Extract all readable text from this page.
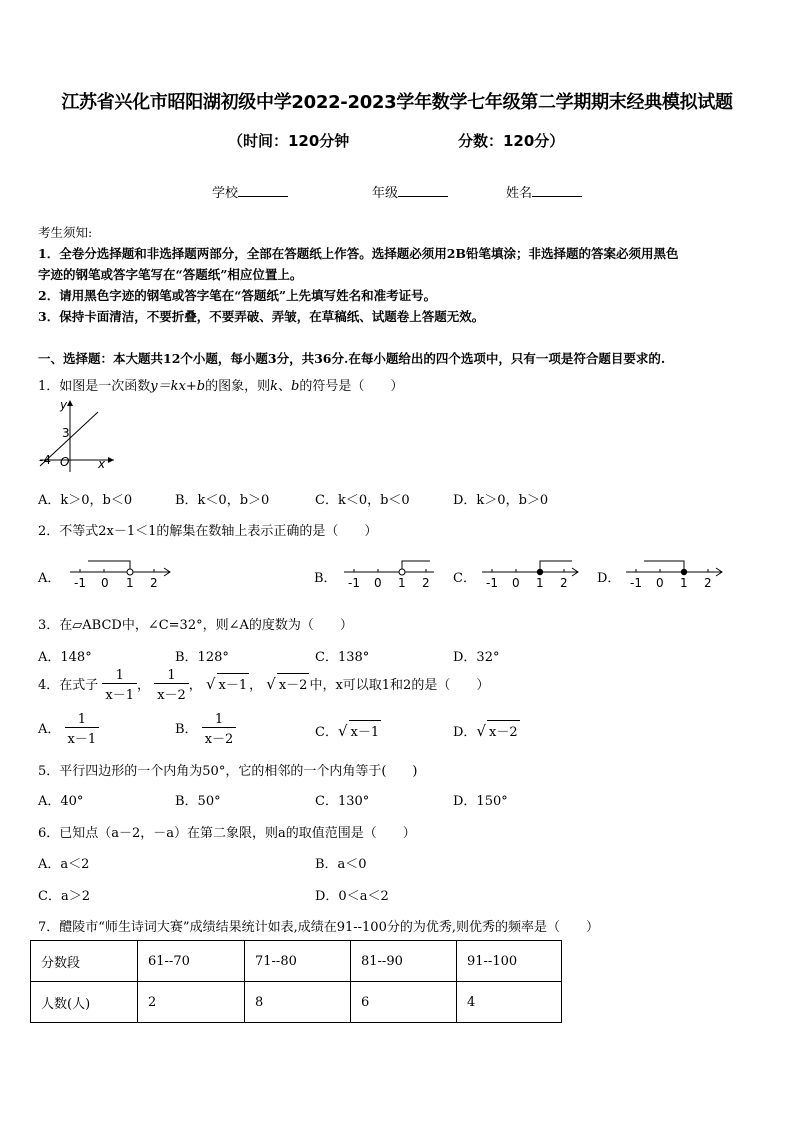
江苏省兴化市昭阳湖初级中学2022-2023学年数学七年级第二学期期末经典模拟试题
（时间：120分钟	分数：120分）
学校	年级	姓名
考生须知:
1．全卷分选择题和非选择题两部分，全部在答题纸上作答。选择题必须用2B铅笔填涂；非选择题的答案必须用黑色
字迹的钢笔或答字笔写在“答题纸”相应位置上。
2．请用黑色字迹的钢笔或答字笔在“答题纸”上先填写姓名和准考证号。
3．保持卡面清洁，不要折叠，不要弄破、弄皱，在草稿纸、试题卷上答题无效。
一、选择题：本大题共12个小题，每小题3分，共36分.在每小题给出的四个选项中，只有一项是符合题目要求的.
1．如图是一次函数y＝kx+b的图象，则k、b的符号是（　　）
y
x
3
-4 O
A．k＞0，b＜0	B．k＜0，b＞0	C．k＜0，b＜0	D．k＞0，b＞0
2．不等式2x－1＜1的解集在数轴上表示正确的是（　　）
A． -1 0 1 2	B． -1 0 1 2 C． -1 0 1 2 D． -1 0 1 2
3．在▱ABCD中，∠C=32°，则∠A的度数为（　　）
A．148°	B．128°	C．138°	D．32°
4．在式子 $\frac{1}{x-1}$ ， $\frac{1}{x-2}$ ， √ x－1 ， √ x－2 中，x可以取1和2的是（　　）
A． $\frac{1}{x-1}$	B． $\frac{1}{x-2}$	C．√ x－1	D．√ x－2
5．平行四边形的一个内角为50°，它的相邻的一个内角等于(　　)
A．40°	B．50°	C．130°	D．150°
6．已知点（a－2，－a）在第二象限，则a的取值范围是（　　）
A．a＜2	B．a＜0
C．a＞2	D．0＜a＜2
7．醴陵市“师生诗词大赛”成绩结果统计如表,成绩在91--100分的为优秀,则优秀的频率是（　　）
分数段	61--70	71--80	81--90	91--100
人数(人)	2	8	6	4
